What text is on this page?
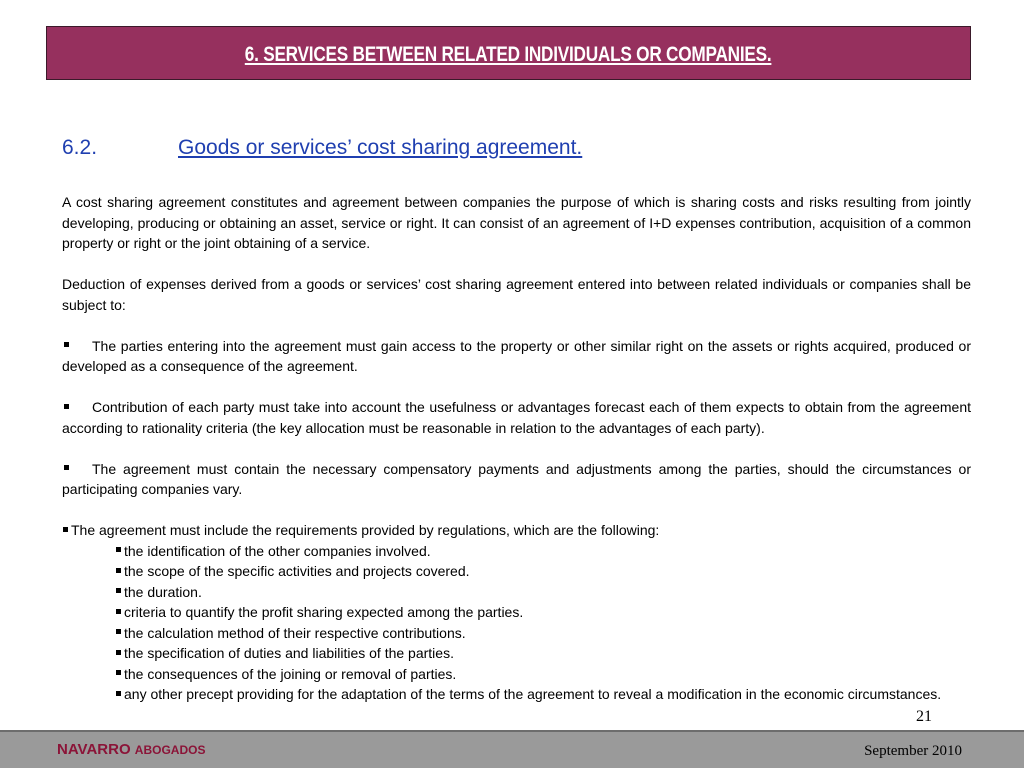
6. SERVICES BETWEEN RELATED INDIVIDUALS OR COMPANIES.
6.2.	Goods or services’ cost sharing agreement.

A cost sharing agreement constitutes and agreement between companies the purpose of which is sharing costs and risks resulting from jointly developing, producing or obtaining an asset, service or right. It can consist of an agreement of I+D expenses contribution, acquisition of a common property or right or the joint obtaining of a service.

Deduction of expenses derived from a goods or services’ cost sharing agreement entered into between related individuals or companies shall be subject to:

The parties entering into the agreement must gain access to the property or other similar right on the assets or rights acquired, produced or developed as a consequence of the agreement.

Contribution of each party must take into account the usefulness or advantages forecast each of them expects to obtain from the agreement according to rationality criteria (the key allocation must be reasonable in relation to the advantages of each party).

The agreement must contain the necessary compensatory payments and adjustments among the parties, should the circumstances or participating companies vary.

The agreement must include the requirements provided by regulations, which are the following:
the identification of the other companies involved.
the scope of the specific activities and projects covered.
the duration.
criteria to quantify the profit sharing expected among the parties.
the calculation method of their respective contributions.
the specification of duties and liabilities of the parties.
the consequences of the joining or removal of parties.
any other precept providing for the adaptation of the terms of the agreement to reveal a modification in the economic circumstances.
21
NAVARRO ABOGADOS	September 2010
